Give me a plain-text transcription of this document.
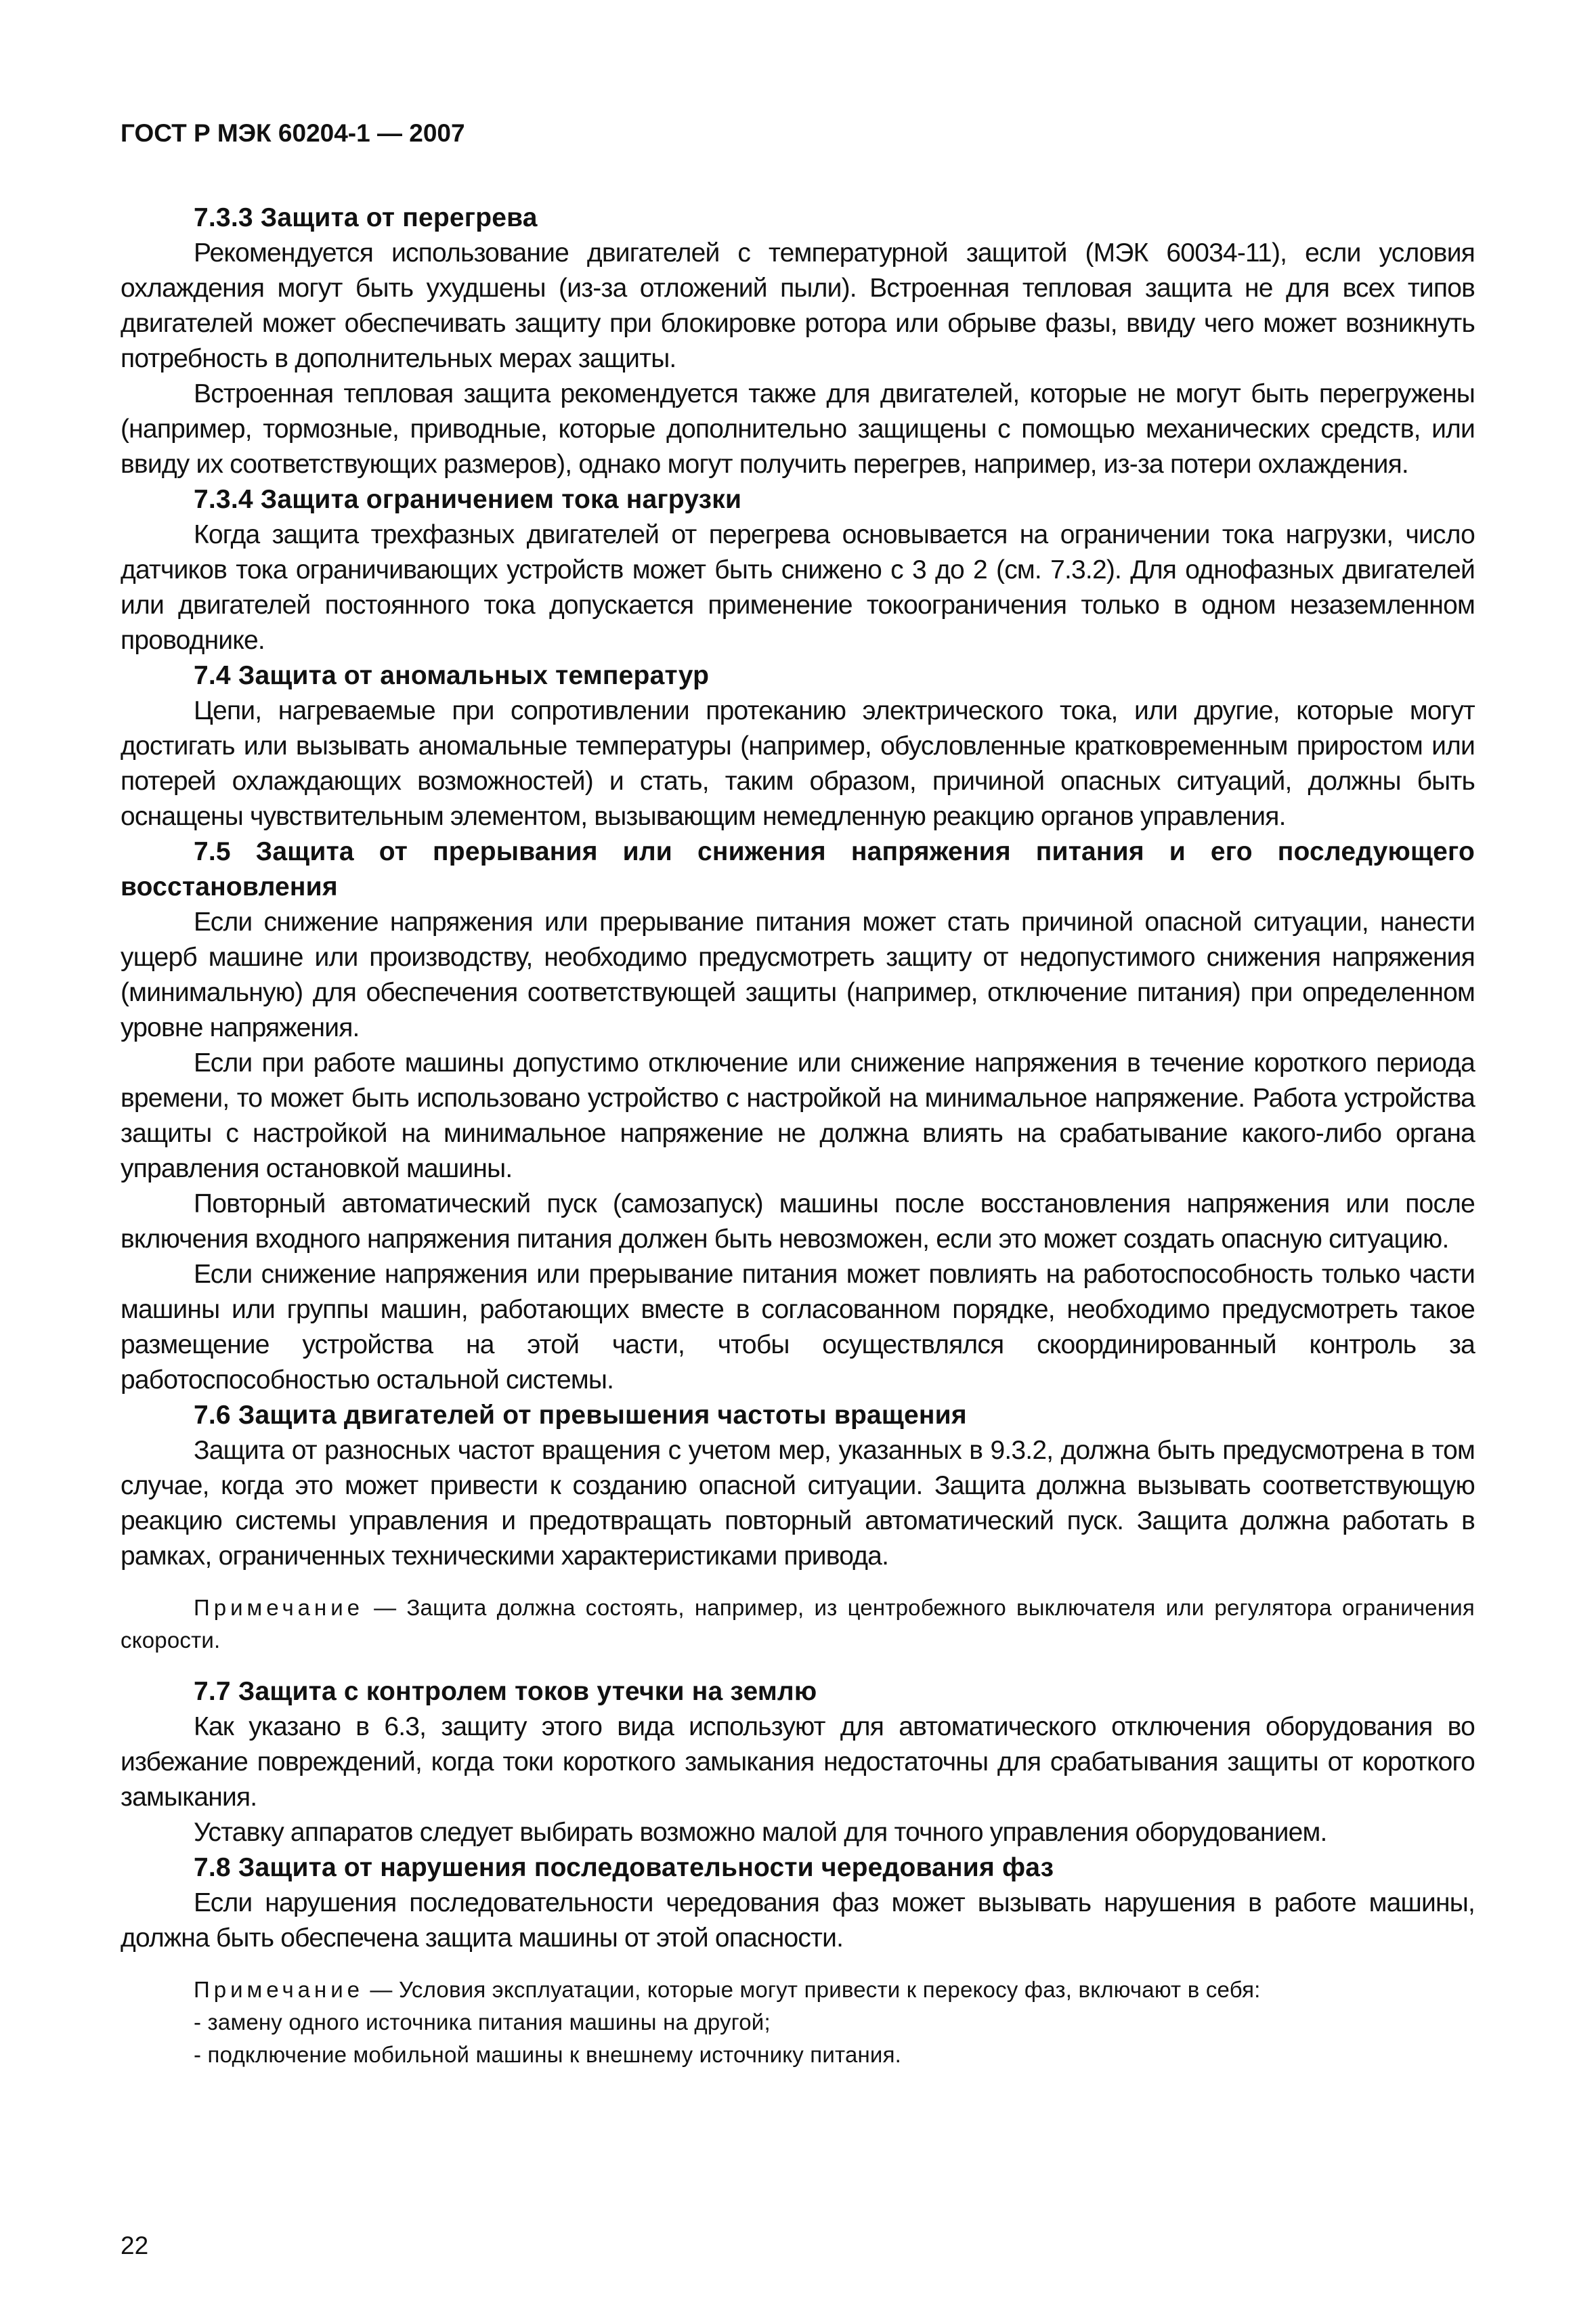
ГОСТ Р МЭК 60204-1 — 2007
7.3.3 Защита от перегрева

Рекомендуется использование двигателей с температурной защитой (МЭК 60034-11), если условия охлаждения могут быть ухудшены (из-за отложений пыли). Встроенная тепловая защита не для всех типов двигателей может обеспечивать защиту при блокировке ротора или обрыве фазы, ввиду чего может возникнуть потребность в дополнительных мерах защиты.

Встроенная тепловая защита рекомендуется также для двигателей, которые не могут быть перегружены (например, тормозные, приводные, которые дополнительно защищены с помощью механических средств, или ввиду их соответствующих размеров), однако могут получить перегрев, например, из-за потери охлаждения.

7.3.4 Защита ограничением тока нагрузки

Когда защита трехфазных двигателей от перегрева основывается на ограничении тока нагрузки, число датчиков тока ограничивающих устройств может быть снижено с 3 до 2 (см. 7.3.2). Для однофазных двигателей или двигателей постоянного тока допускается применение токоограничения только в одном незаземленном проводнике.

7.4 Защита от аномальных температур

Цепи, нагреваемые при сопротивлении протеканию электрического тока, или другие, которые могут достигать или вызывать аномальные температуры (например, обусловленные кратковременным приростом или потерей охлаждающих возможностей) и стать, таким образом, причиной опасных ситуаций, должны быть оснащены чувствительным элементом, вызывающим немедленную реакцию органов управления.

7.5 Защита от прерывания или снижения напряжения питания и его последующего восстановления

Если снижение напряжения или прерывание питания может стать причиной опасной ситуации, нанести ущерб машине или производству, необходимо предусмотреть защиту от недопустимого снижения напряжения (минимальную) для обеспечения соответствующей защиты (например, отключение питания) при определенном уровне напряжения.

Если при работе машины допустимо отключение или снижение напряжения в течение короткого периода времени, то может быть использовано устройство с настройкой на минимальное напряжение. Работа устройства защиты с настройкой на минимальное напряжение не должна влиять на срабатывание какого-либо органа управления остановкой машины.

Повторный автоматический пуск (самозапуск) машины после восстановления напряжения или после включения входного напряжения питания должен быть невозможен, если это может создать опасную ситуацию.

Если снижение напряжения или прерывание питания может повлиять на работоспособность только части машины или группы машин, работающих вместе в согласованном порядке, необходимо предусмотреть такое размещение устройства на этой части, чтобы осуществлялся скоординированный контроль за работоспособностью остальной системы.

7.6 Защита двигателей от превышения частоты вращения

Защита от разносных частот вращения с учетом мер, указанных в 9.3.2, должна быть предусмотрена в том случае, когда это может привести к созданию опасной ситуации. Защита должна вызывать соответствующую реакцию системы управления и предотвращать повторный автоматический пуск. Защита должна работать в рамках, ограниченных техническими характеристиками привода.

Примечание — Защита должна состоять, например, из центробежного выключателя или регулятора ограничения скорости.

7.7 Защита с контролем токов утечки на землю

Как указано в 6.3, защиту этого вида используют для автоматического отключения оборудования во избежание повреждений, когда токи короткого замыкания недостаточны для срабатывания защиты от короткого замыкания.

Уставку аппаратов следует выбирать возможно малой для точного управления оборудованием.

7.8 Защита от нарушения последовательности чередования фаз

Если нарушения последовательности чередования фаз может вызывать нарушения в работе машины, должна быть обеспечена защита машины от этой опасности.

Примечание — Условия эксплуатации, которые могут привести к перекосу фаз, включают в себя:

- замену одного источника питания машины на другой;
- подключение мобильной машины к внешнему источнику питания.
22
